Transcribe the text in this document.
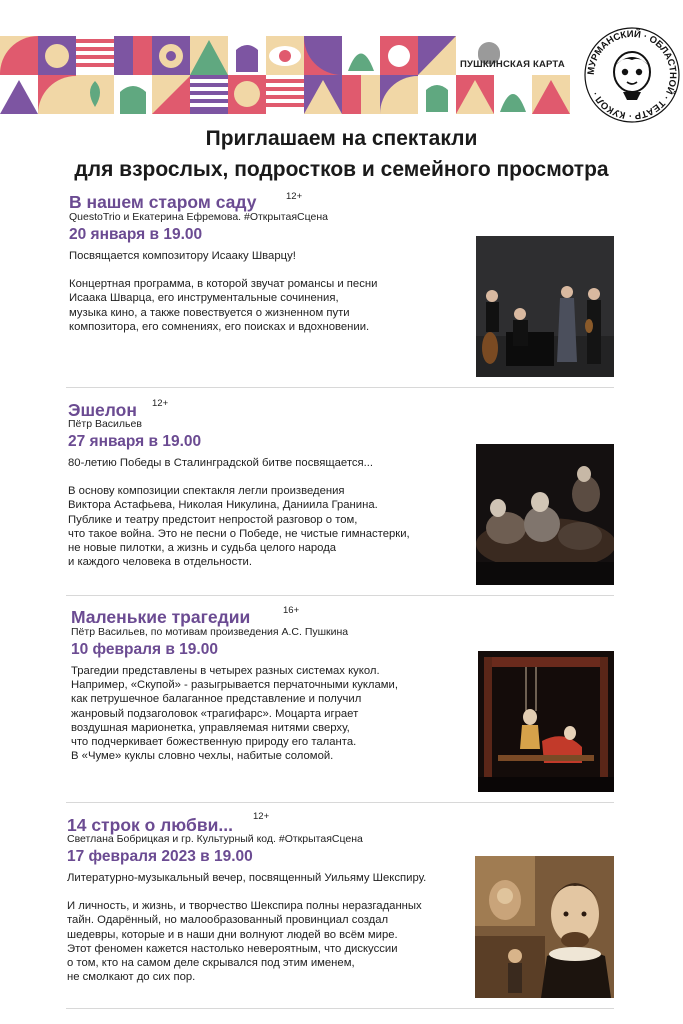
ПУШКИНСКАЯ КАРТА
МУРМАНСКИЙ · ОБЛАСТНОЙ · ТЕАТР · КУКОЛ ·
Приглашаем на спектакли
для взрослых, подростков и семейного просмотра
В нашем старом саду	12+
QuestoTrio и Екатерина Ефремова. #ОткрытаяСцена
20 января в 19.00

Посвящается композитору Исааку Шварцу!

Концертная программа, в которой звучат романсы и песни

Исаака Шварца, его инструментальные сочинения,

музыка кино, а также повествуется о жизненном пути

композитора, его сомнениях, его поисках и вдохновении.

Эшелон 12+
Пётр Васильев
27 января в 19.00

80-летию Победы в Сталинградской битве посвящается...

В основу композиции спектакля легли произведения

Виктора Астафьева, Николая Никулина, Даниила Гранина.

Публике и театру предстоит непростой разговор о том,

что такое война. Это не песни о Победе, не чистые гимнастерки,

не новые пилотки, а жизнь и судьба целого народа

и каждого человека в отдельности.

Маленькие трагедии	16+
Пётр Васильев, по мотивам произведения А.С. Пушкина
10 февраля в 19.00

Трагедии представлены в четырех разных системах кукол.

Например, «Скупой» - разыгрывается перчаточными куклами,

как петрушечное балаганное представление и получил

жанровый подзаголовок «трагифарс». Моцарта играет

воздушная марионетка, управляемая нитями сверху,

что подчеркивает божественную природу его таланта.

В «Чуме» куклы словно чехлы, набитые соломой.

14 строк о любви... 12+
Светлана Бобрицкая и гр. Культурный код. #ОткрытаяСцена
17 февраля 2023 в 19.00

Литературно-музыкальный вечер, посвященный Уильяму Шекспиру.

И личность, и жизнь, и творчество Шекспира полны неразгаданных

тайн. Одарённый, но малообразованный провинциал создал

шедевры, которые и в наши дни волнуют людей во всём мире.

Этот феномен кажется настолько невероятным, что дискуссии

о том, кто на самом деле скрывался под этим именем,

не смолкают до сих пор.
